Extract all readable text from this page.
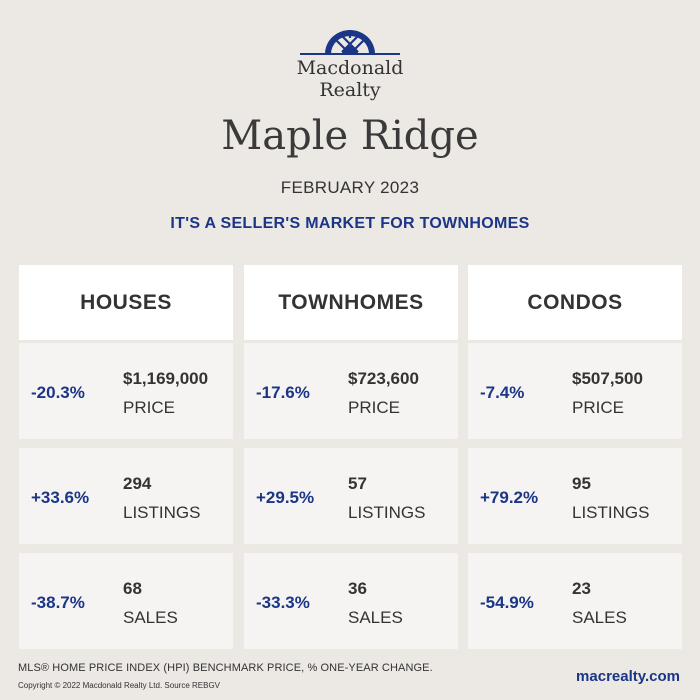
Macdonald
Realty
Maple Ridge
FEBRUARY 2023
IT'S A SELLER'S MARKET FOR TOWNHOMES
HOUSES
-20.3%
$1,169,000
PRICE
+33.6%
294
LISTINGS
-38.7%
68
SALES
TOWNHOMES
-17.6%
$723,600
PRICE
+29.5%
57
LISTINGS
-33.3%
36
SALES
CONDOS
-7.4%
$507,500
PRICE
+79.2%
95
LISTINGS
-54.9%
23
SALES
MLS® HOME PRICE INDEX (HPI) BENCHMARK PRICE, % ONE-YEAR CHANGE.
Copyright © 2022 Macdonald Realty Ltd. Source REBGV
macrealty.com
